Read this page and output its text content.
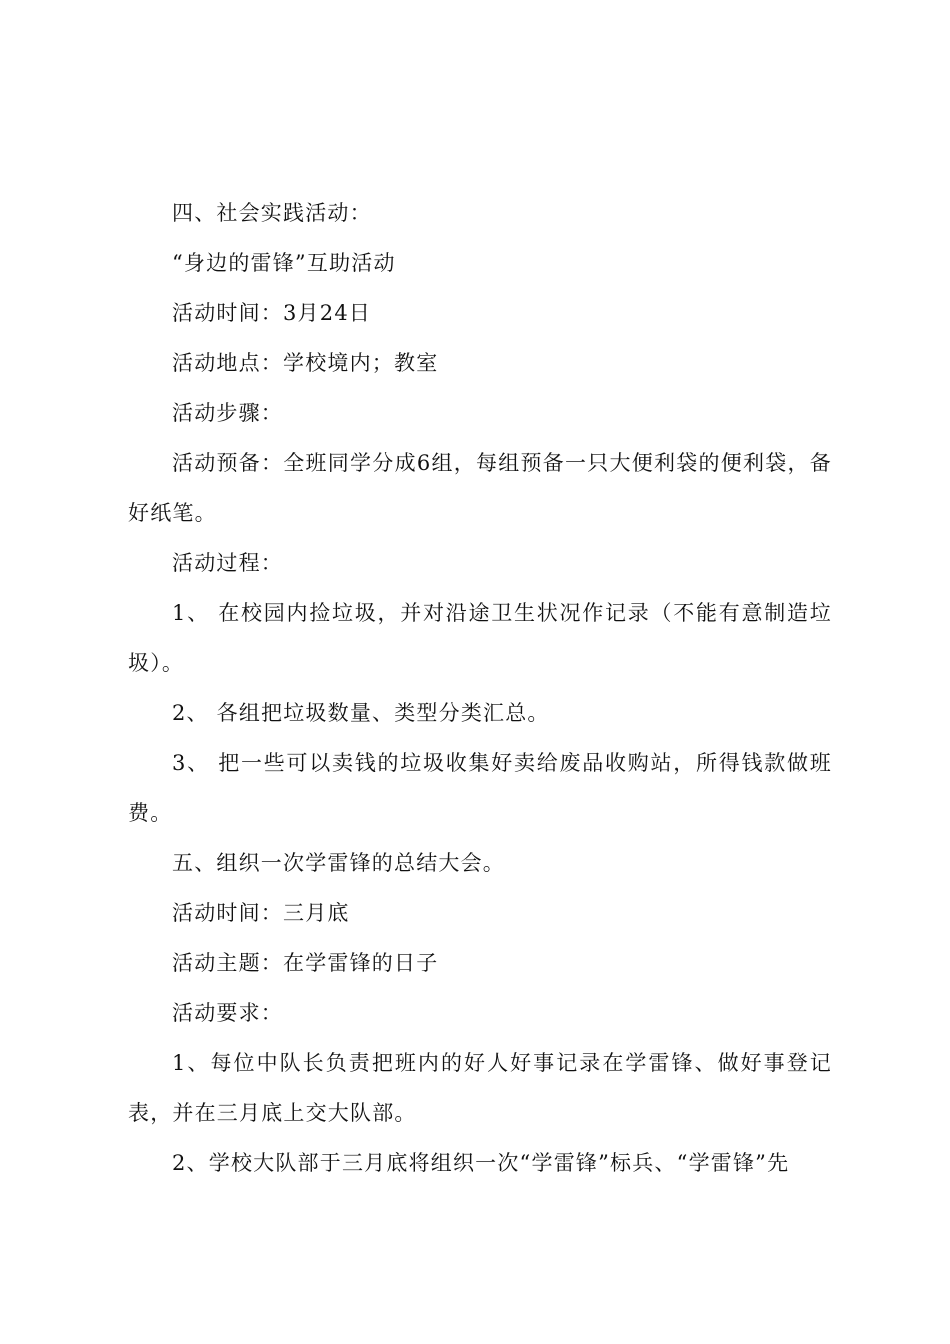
四、社会实践活动：

“身边的雷锋”互助活动

活动时间：3月24日

活动地点：学校境内；教室

活动步骤：

活动预备：全班同学分成6组，每组预备一只大便利袋的便利袋，备好纸笔。

活动过程：

1、 在校园内捡垃圾，并对沿途卫生状况作记录（不能有意制造垃圾）。

2、 各组把垃圾数量、类型分类汇总。

3、 把一些可以卖钱的垃圾收集好卖给废品收购站，所得钱款做班费。

五、组织一次学雷锋的总结大会。

活动时间：三月底

活动主题：在学雷锋的日子

活动要求：

1、每位中队长负责把班内的好人好事记录在学雷锋、做好事登记表，并在三月底上交大队部。

2、学校大队部于三月底将组织一次“学雷锋”标兵、“学雷锋”先
